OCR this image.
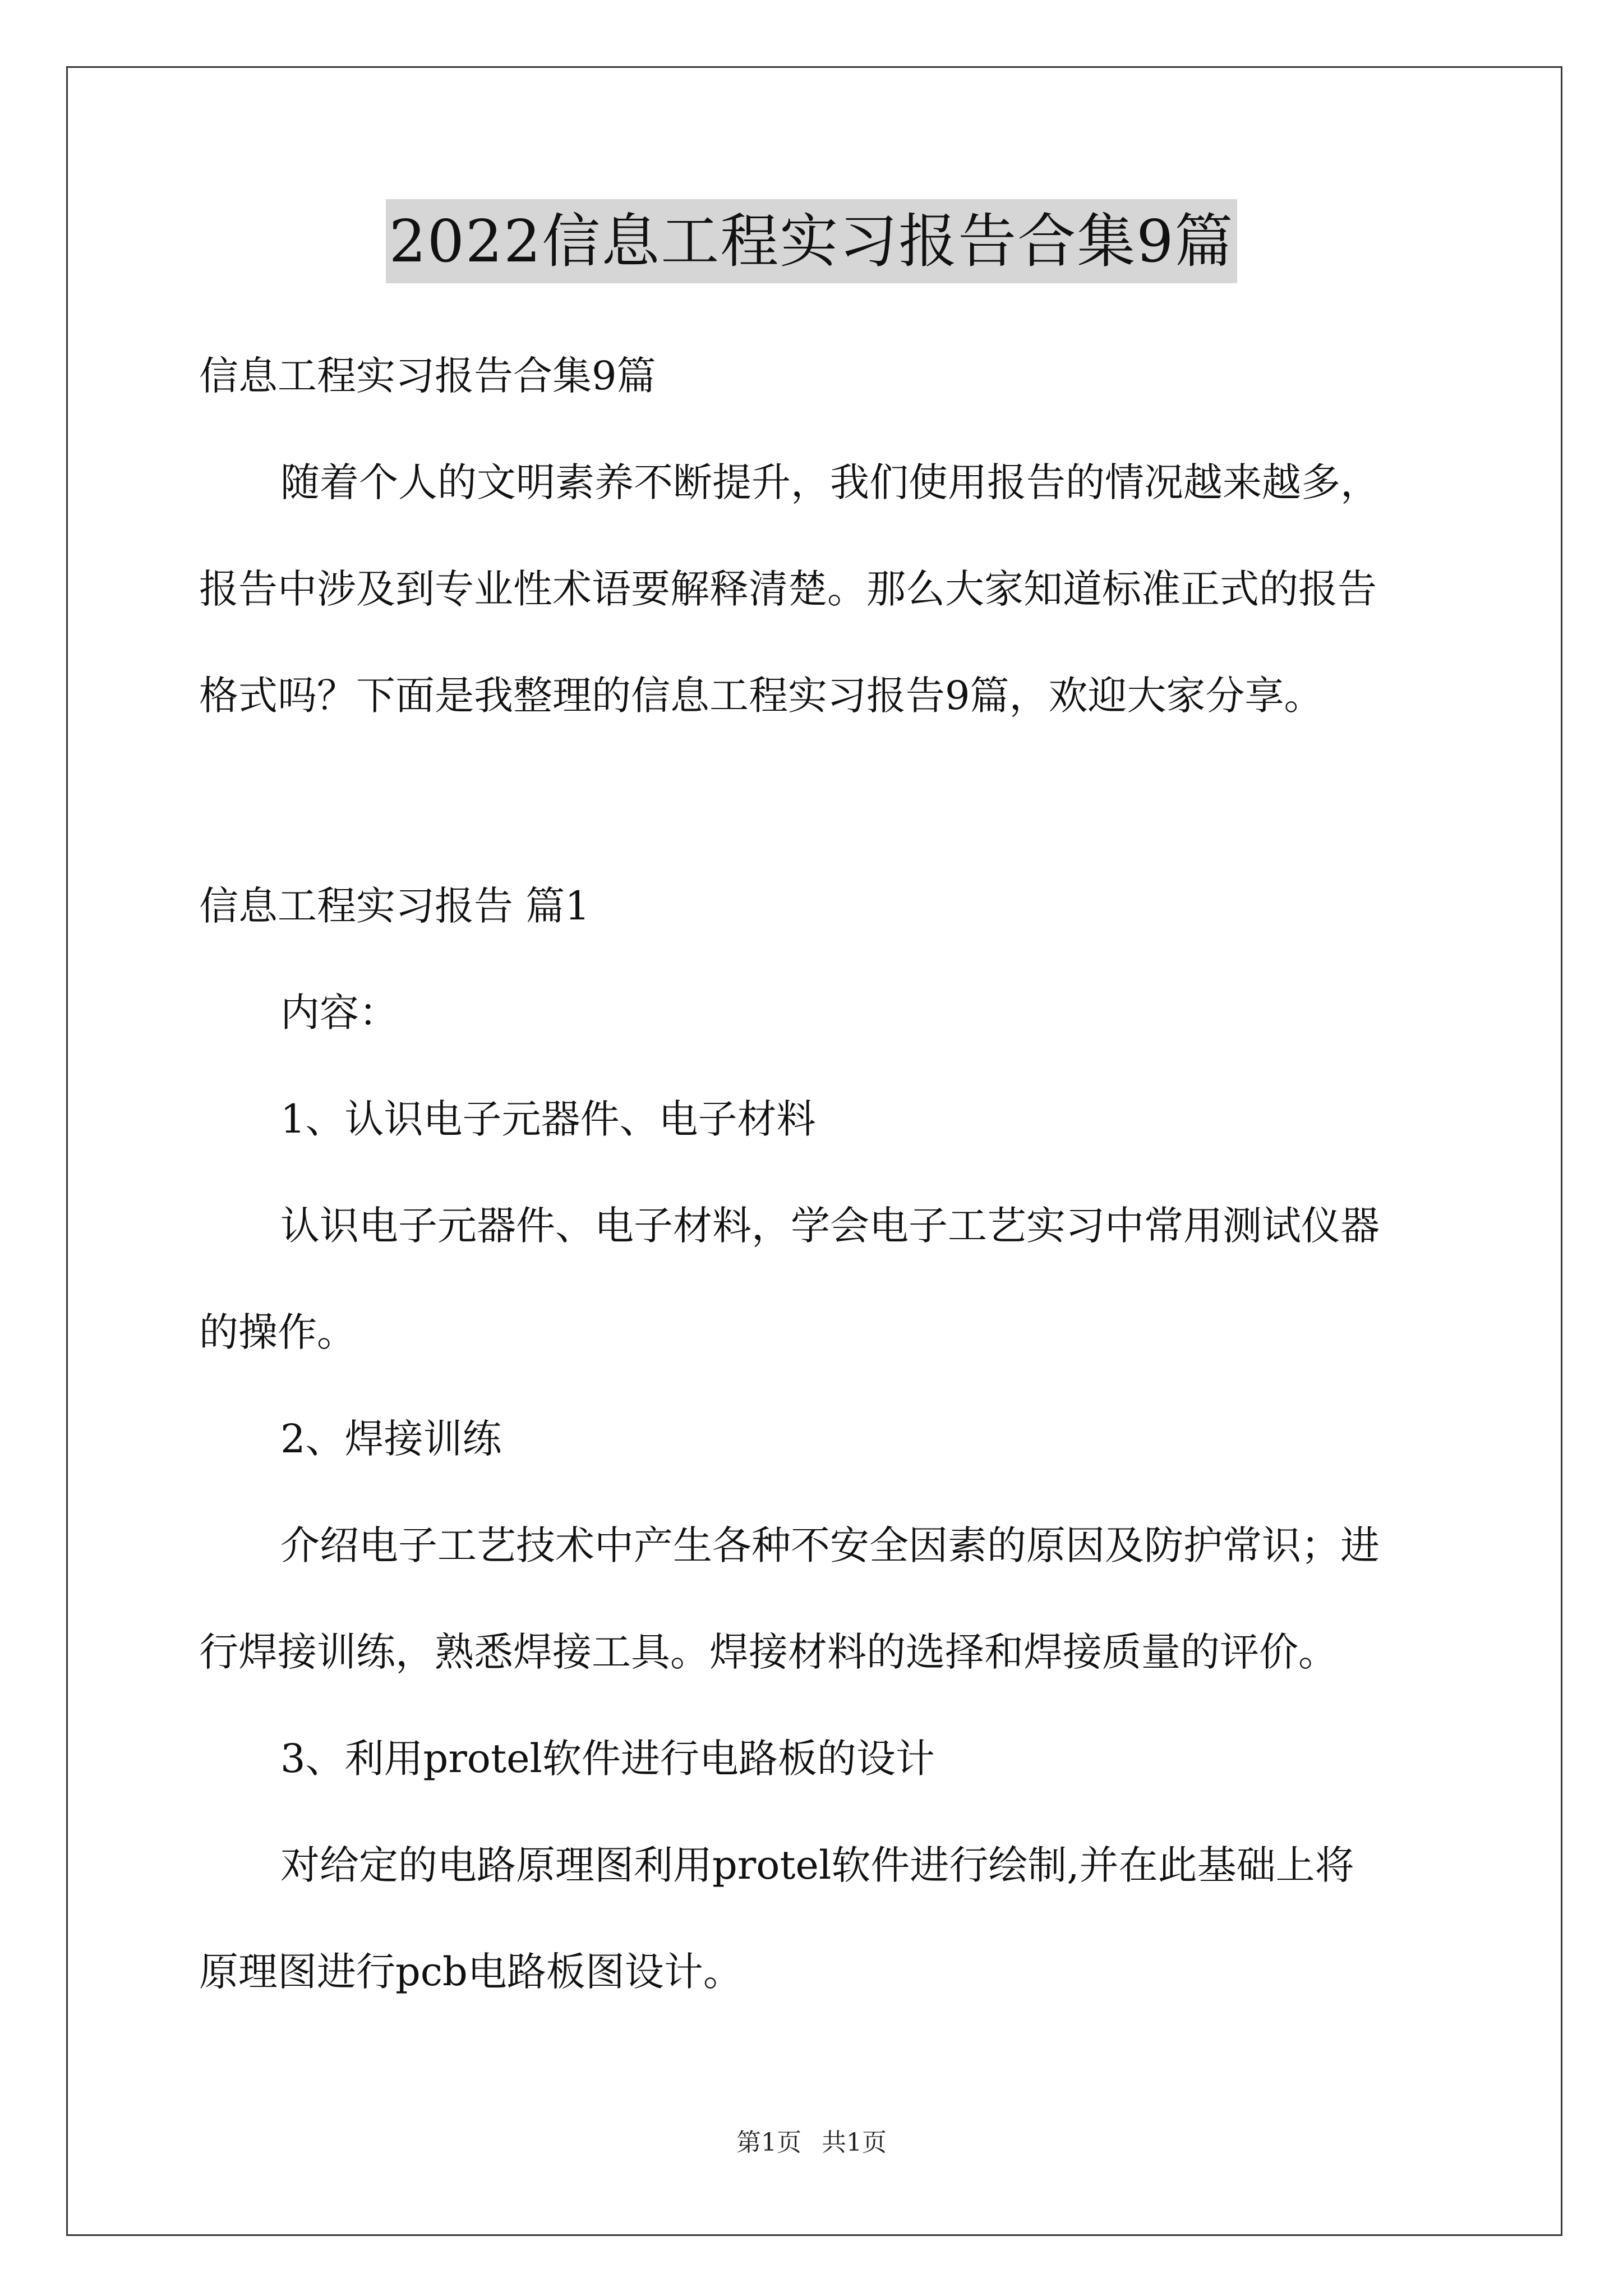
2022信息工程实习报告合集9篇

信息工程实习报告合集9篇

随着个人的文明素养不断提升，我们使用报告的情况越来越多，

报告中涉及到专业性术语要解释清楚。那么大家知道标准正式的报告

格式吗？下面是我整理的信息工程实习报告9篇，欢迎大家分享。

信息工程实习报告 篇1

内容：

1、认识电子元器件、电子材料

认识电子元器件、电子材料，学会电子工艺实习中常用测试仪器

的操作。

2、焊接训练

介绍电子工艺技术中产生各种不安全因素的原因及防护常识；进

行焊接训练，熟悉焊接工具。焊接材料的选择和焊接质量的评价。

3、利用protel软件进行电路板的设计

对给定的电路原理图利用protel软件进行绘制,并在此基础上将

原理图进行pcb电路板图设计。

第1页 共1页
